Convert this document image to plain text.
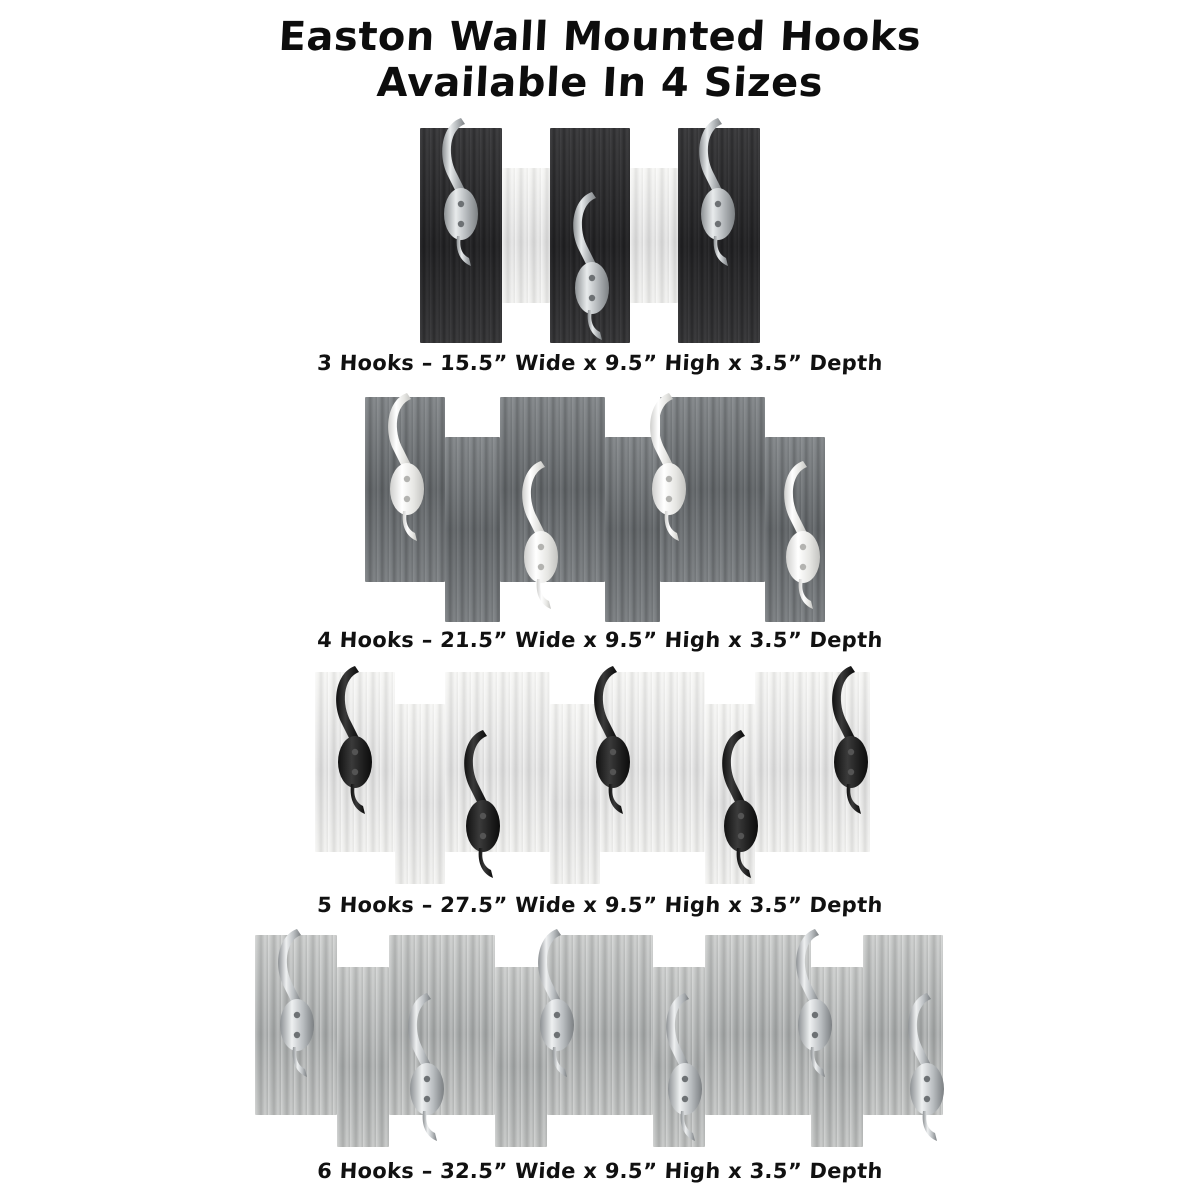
Easton Wall Mounted Hooks
Available In 4 Sizes
3 Hooks – 15.5” Wide x 9.5” High x 3.5” Depth
4 Hooks – 21.5” Wide x 9.5” High x 3.5” Depth
5 Hooks – 27.5” Wide x 9.5” High x 3.5” Depth
6 Hooks – 32.5” Wide x 9.5” High x 3.5” Depth
